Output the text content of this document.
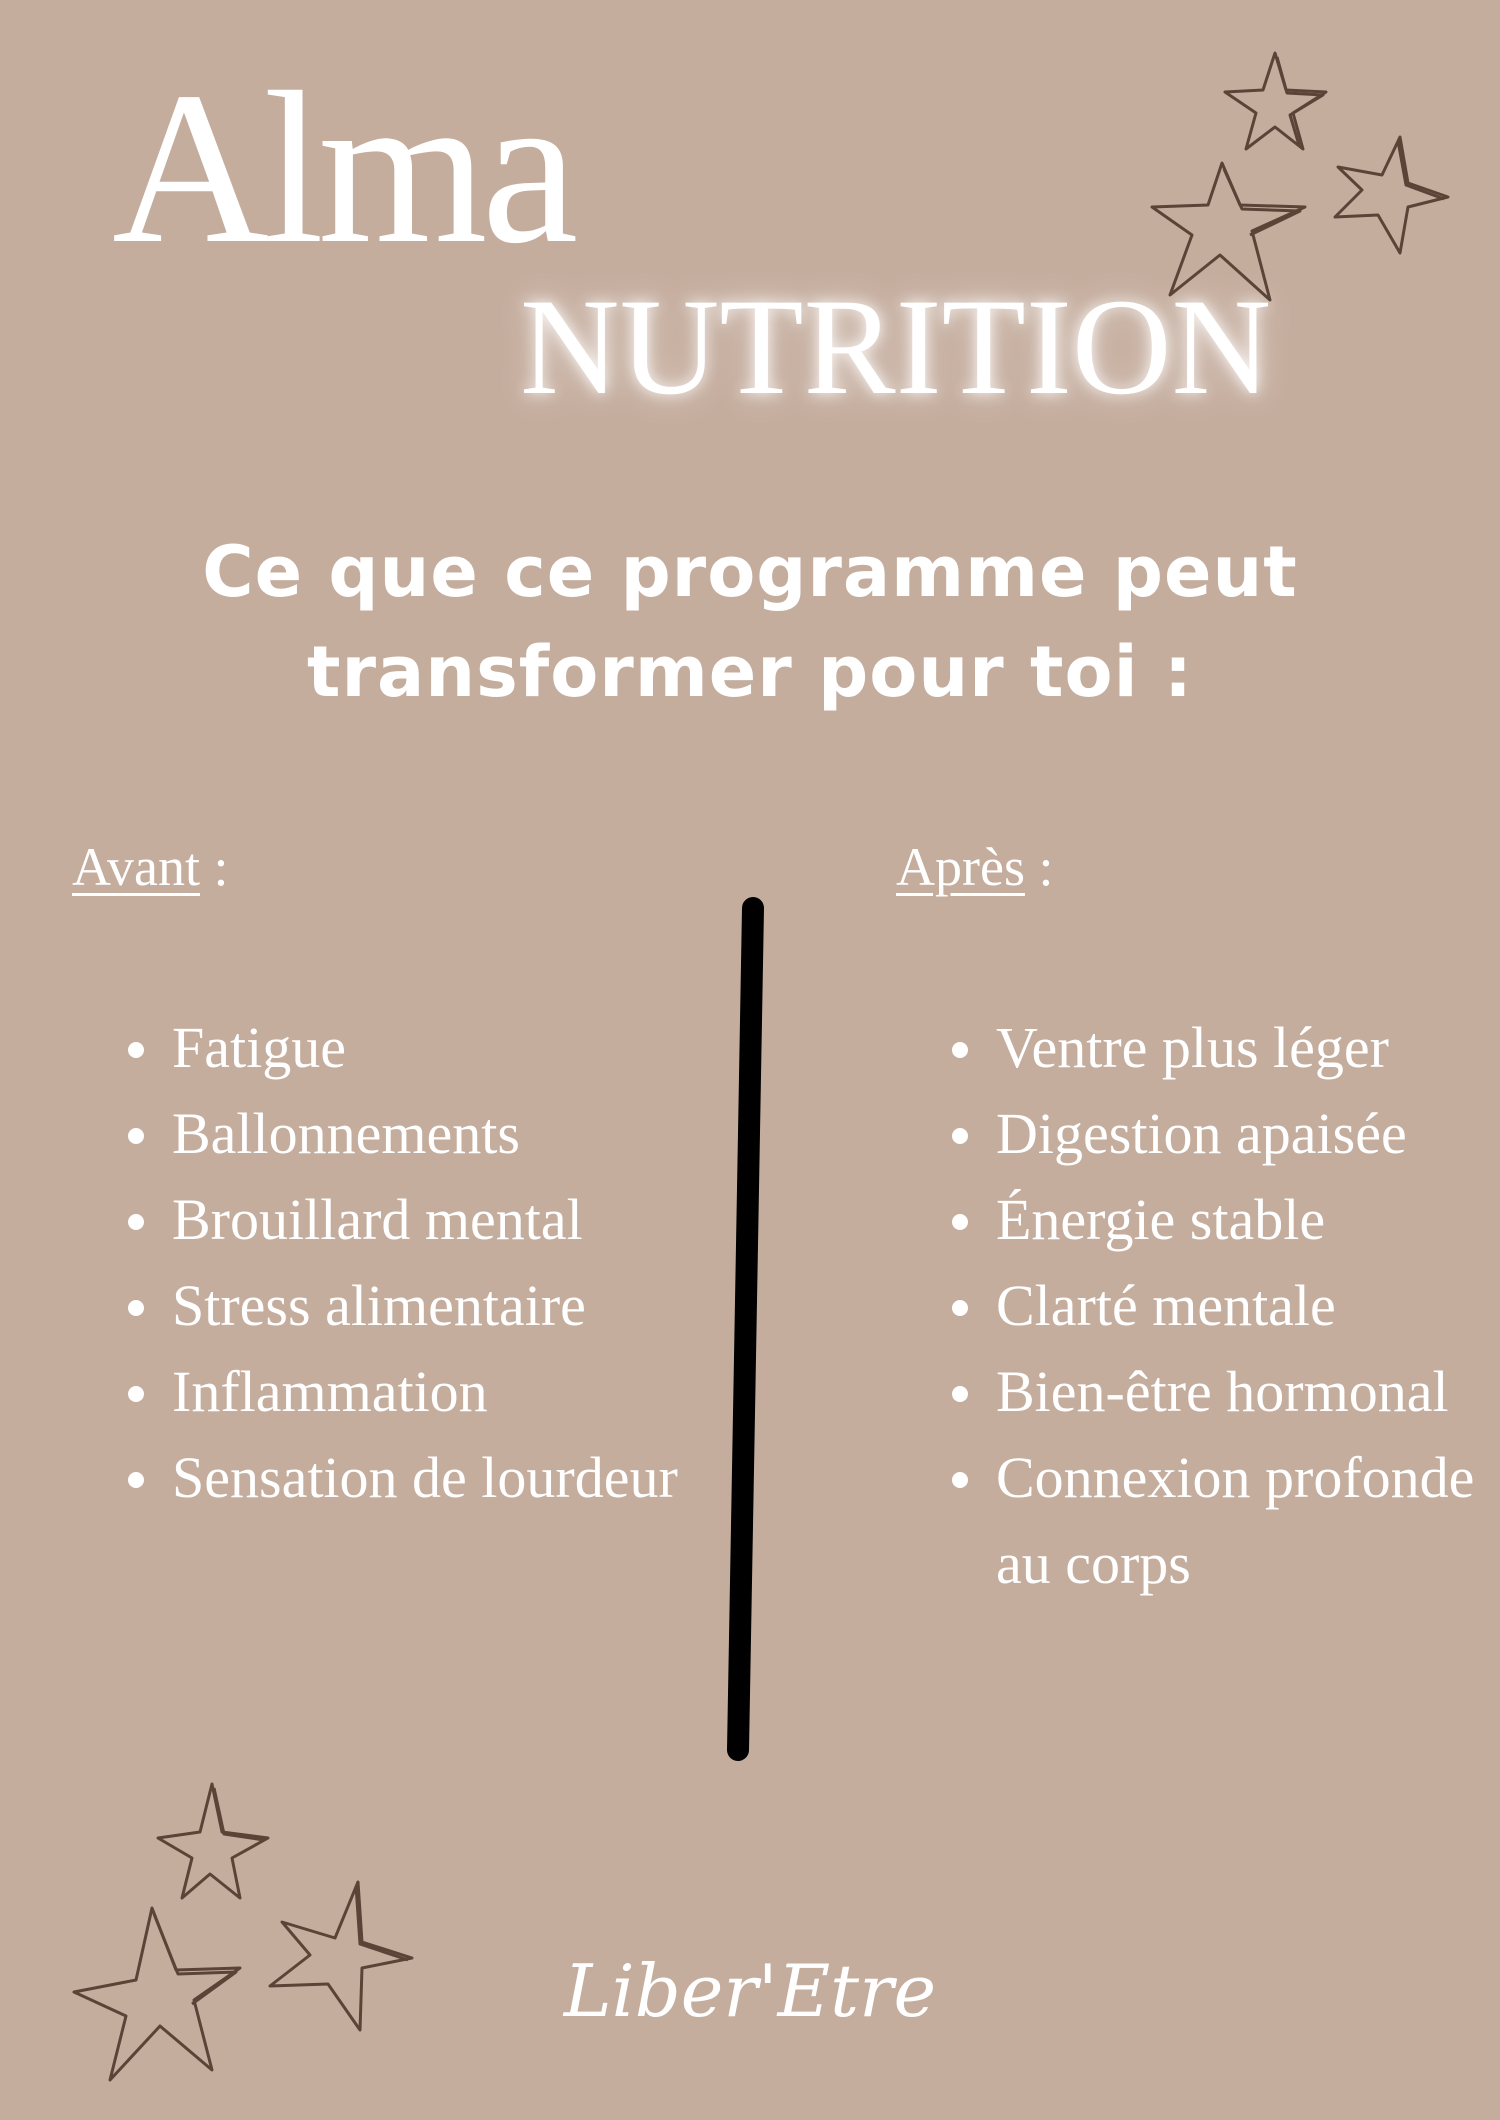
Alma
NUTRITION
Ce que ce programme peut
transformer pour toi :
Avant :	Après :
Fatigue
Ballonnements
Brouillard mental
Stress alimentaire
Inflammation
Sensation de lourdeur
Ventre plus léger
Digestion apaisée
Énergie stable
Clarté mentale
Bien-être hormonal
Connexion profonde au corps
Liber'Etre
